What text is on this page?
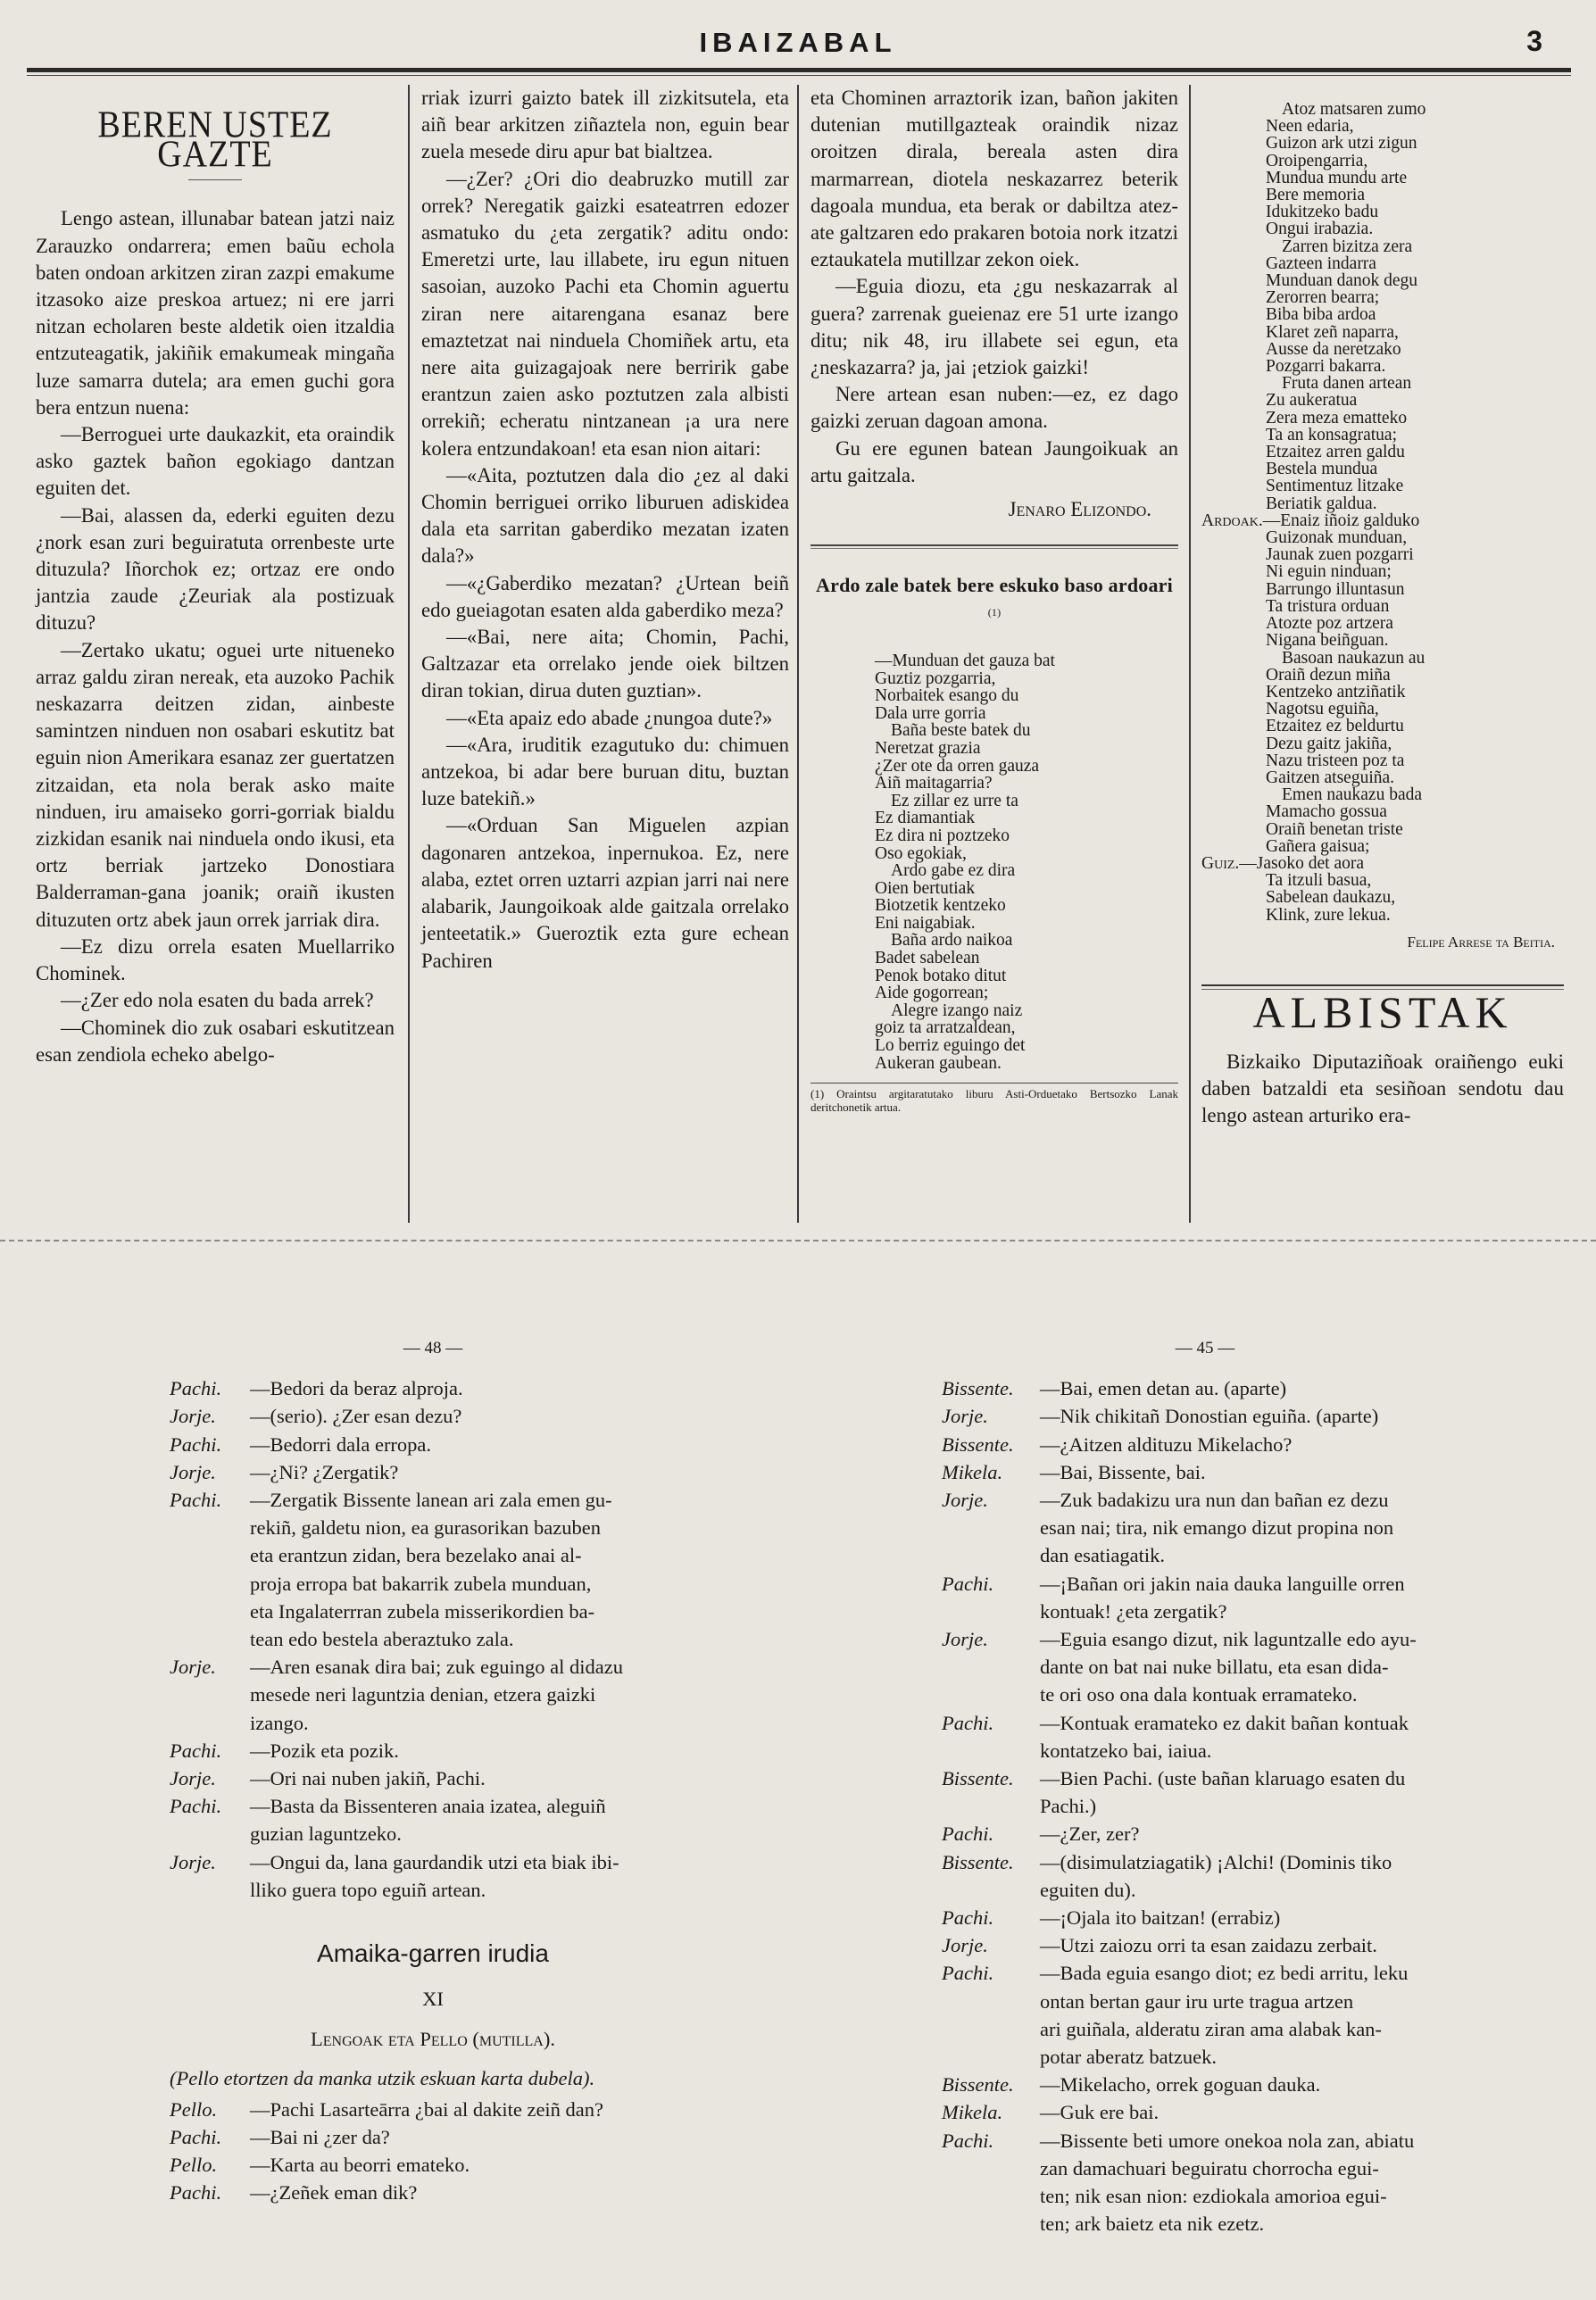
IBAIZABAL	3
BEREN USTEZ GAZTE

Lengo astean, illunabar batean jatzi naiz Zarauzko ondarrera; emen baũu echola baten ondoan arkitzen ziran zazpi emakume itzasoko aize preskoa artuez; ni ere jarri nitzan echolaren beste aldetik oien itzaldia entzuteagatik, jakiñik emakumeak mingaña luze samarra dutela; ara emen guchi gora bera entzun nuena:

—Berroguei urte daukazkit, eta oraindik asko gaztek bañon egokiago dantzan eguiten det.

—Bai, alassen da, ederki eguiten dezu ¿nork esan zuri beguiratuta orrenbeste urte dituzula? Iñorchok ez; ortzaz ere ondo jantzia zaude ¿Zeuriak ala postizuak dituzu?

—Zertako ukatu; oguei urte nitueneko arraz galdu ziran nereak, eta auzoko Pachik neskazarra deitzen zidan, ainbeste samintzen ninduen non osabari eskutitz bat eguin nion Amerikara esanaz zer guertatzen zitzaidan, eta nola berak asko maite ninduen, iru amaiseko gorri-gorriak bialdu zizkidan esanik nai ninduela ondo ikusi, eta ortz berriak jartzeko Donostiara Balderraman-gana joanik; oraiñ ikusten dituzuten ortz abek jaun orrek jarriak dira.

—Ez dizu orrela esaten Muellarriko Chominek.

—¿Zer edo nola esaten du bada arrek?

—Chominek dio zuk osabari eskutitzean esan zendiola echeko abelgo-

rriak izurri gaizto batek ill zizkitsutela, eta aiñ bear arkitzen ziñaztela non, eguin bear zuela mesede diru apur bat bialtzea.

—¿Zer? ¿Ori dio deabruzko mutill zar orrek? Neregatik gaizki esateatrren edozer asmatuko du ¿eta zergatik? aditu ondo: Emeretzi urte, lau illabete, iru egun nituen sasoian, auzoko Pachi eta Chomin aguertu ziran nere aitarengana esanaz bere emaztetzat nai ninduela Chomiñek artu, eta nere aita guizagajoak nere berririk gabe erantzun zaien asko poztutzen zala albisti orrekiñ; echeratu nintzanean ¡a ura nere kolera entzundakoan! eta esan nion aitari:

—«Aita, poztutzen dala dio ¿ez al daki Chomin berriguei orriko liburuen adiskidea dala eta sarritan gaberdiko mezatan izaten dala?»

—«¿Gaberdiko mezatan? ¿Urtean beiñ edo gueiagotan esaten alda gaberdiko meza?

—«Bai, nere aita; Chomin, Pachi, Galtzazar eta orrelako jende oiek biltzen diran tokian, dirua duten guztian».

—«Eta apaiz edo abade ¿nungoa dute?»

—«Ara, iruditik ezagutuko du: chimuen antzekoa, bi adar bere buruan ditu, buztan luze batekiñ.»

—«Orduan San Miguelen azpian dagonaren antzekoa, inpernukoa. Ez, nere alaba, eztet orren uztarri azpian jarri nai nere alabarik, Jaungoikoak alde gaitzala orrelako jenteetatik.» Gueroztik ezta gure echean Pachiren

eta Chominen arraztorik izan, bañon jakiten dutenian mutillgazteak oraindik nizaz oroitzen dirala, bereala asten dira marmarrean, diotela neskazarrez beterik dagoala mundua, eta berak or dabiltza atez-ate galtzaren edo prakaren botoia nork itzatzi eztaukatela mutillzar zekon oiek.

—Eguia diozu, eta ¿gu neskazarrak al guera? zarrenak gueienaz ere 51 urte izango ditu; nik 48, iru illabete sei egun, eta ¿neskazarra? ja, jai ¡etziok gaizki!

Nere artean esan nuben:—ez, ez dago gaizki zeruan dagoan amona.

Gu ere egunen batean Jaungoikuak an artu gaitzala.

Jenaro Elizondo.
Ardo zale batek bere eskuko baso ardoari $^{(1)}$
—Munduan det gauza bat
Guztiz pozgarria,
Norbaitek esango du
Dala urre gorria
Baña beste batek du
Neretzat grazia
¿Zer ote da orren gauza
Aiñ maitagarria?
Ez zillar ez urre ta
Ez diamantiak
Ez dira ni poztzeko
Oso egokiak,
Ardo gabe ez dira
Oien bertutiak
Biotzetik kentzeko
Eni naigabiak.
Baña ardo naikoa
Badet sabelean
Penok botako ditut
Aide gogorrean;
Alegre izango naiz
goiz ta arratzaldean,
Lo berriz eguingo det
Aukeran gaubean.
(1) Oraintsu argitaratutako liburu Asti-Orduetako Bertsozko Lanak deritchonetik artua.
Atoz matsaren zumo
Neen edaria,
Guizon ark utzi zigun
Oroipengarria,
Mundua mundu arte
Bere memoria
Idukitzeko badu
Ongui irabazia.
Zarren bizitza zera
Gazteen indarra
Munduan danok degu
Zerorren bearra;
Biba biba ardoa
Klaret zeñ naparra,
Ausse da neretzako
Pozgarri bakarra.
Fruta danen artean
Zu aukeratua
Zera meza ematteko
Ta an konsagratua;
Etzaitez arren galdu
Bestela mundua
Sentimentuz litzake
Beriatik galdua.
Ardoak.—Enaiz iñoiz galduko
Guizonak munduan,
Jaunak zuen pozgarri
Ni eguin ninduan;
Barrungo illuntasun
Ta tristura orduan
Atozte poz artzera
Nigana beiñguan.
Basoan naukazun au
Oraiñ dezun miña
Kentzeko antziñatik
Nagotsu eguiña,
Etzaitez ez beldurtu
Dezu gaitz jakiña,
Nazu tristeen poz ta
Gaitzen atseguiña.
Emen naukazu bada
Mamacho gossua
Oraiñ benetan triste
Gañera gaisua;
Guiz.—Jasoko det aora
Ta itzuli basua,
Sabelean daukazu,
Klink, zure lekua.
Felipe Arrese ta Beitia.
ALBISTAK

Bizkaiko Diputaziñoak oraiñengo euki daben batzaldi eta sesiñoan sendotu dau lengo astean arturiko era-

— 48 —
Pachi.	—Bedori da beraz alproja.
Jorje.	—(serio). ¿Zer esan dezu?
Pachi.	—Bedorri dala erropa.
Jorje.	—¿Ni? ¿Zergatik?
Pachi.	—Zergatik Bissente lanean ari zala emen gu-
rekiñ, galdetu nion, ea gurasorikan bazuben
eta erantzun zidan, bera bezelako anai al-
proja erropa bat bakarrik zubela munduan,
eta Ingalaterrran zubela misserikordien ba-
tean edo bestela aberaztuko zala.
Jorje.	—Aren esanak dira bai; zuk eguingo al didazu
mesede neri laguntzia denian, etzera gaizki
izango.
Pachi.	—Pozik eta pozik.
Jorje.	—Ori nai nuben jakiñ, Pachi.
Pachi.	—Basta da Bissenteren anaia izatea, aleguiñ
guzian laguntzeko.
Jorje.	—Ongui da, lana gaurdandik utzi eta biak ibi-
lliko guera topo eguiñ artean.
Amaika-garren irudia
XI
Lengoak eta Pello (mutilla).
(Pello etortzen da manka utzik eskuan karta dubela).
Pello.	—Pachi Lasarteārra ¿bai al dakite zeiñ dan?
Pachi.	—Bai ni ¿zer da?
Pello.	—Karta au beorri emateko.
Pachi.	—¿Zeñek eman dik?
— 45 —
Bissente.	—Bai, emen detan au. (aparte)
Jorje.	—Nik chikitañ Donostian eguiña. (aparte)
Bissente.	—¿Aitzen aldituzu Mikelacho?
Mikela.	—Bai, Bissente, bai.
Jorje.	—Zuk badakizu ura nun dan bañan ez dezu
esan nai; tira, nik emango dizut propina non
dan esatiagatik.
Pachi.	—¡Bañan ori jakin naia dauka languille orren
kontuak! ¿eta zergatik?
Jorje.	—Eguia esango dizut, nik laguntzalle edo ayu-
dante on bat nai nuke billatu, eta esan dida-
te ori oso ona dala kontuak erramateko.
Pachi.	—Kontuak eramateko ez dakit bañan kontuak
kontatzeko bai, iaiua.
Bissente.	—Bien Pachi. (uste bañan klaruago esaten du
Pachi.)
Pachi.	—¿Zer, zer?
Bissente.	—(disimulatziagatik) ¡Alchi! (Dominis tiko
eguiten du).
Pachi.	—¡Ojala ito baitzan! (errabiz)
Jorje.	—Utzi zaiozu orri ta esan zaidazu zerbait.
Pachi.	—Bada eguia esango diot; ez bedi arritu, leku
ontan bertan gaur iru urte tragua artzen
ari guiñala, alderatu ziran ama alabak kan-
potar aberatz batzuek.
Bissente.	—Mikelacho, orrek goguan dauka.
Mikela.	—Guk ere bai.
Pachi.	—Bissente beti umore onekoa nola zan, abiatu
zan damachuari beguiratu chorrocha egui-
ten; nik esan nion: ezdiokala amorioa egui-
ten; ark baietz eta nik ezetz.
